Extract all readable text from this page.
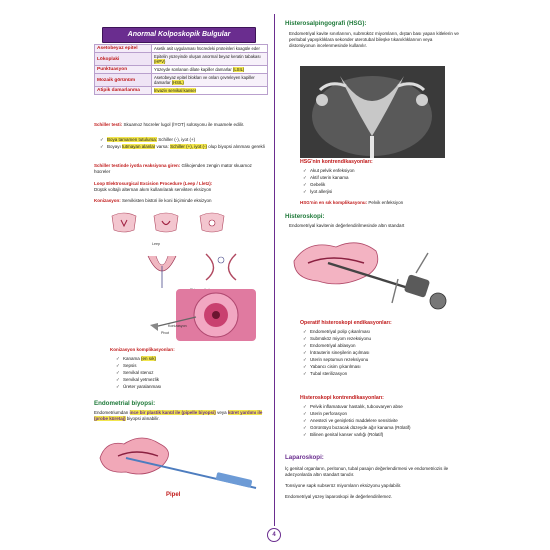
Anormal Kolposkopik Bulgular
Asetobeyaz epitel	Asetik asit uygulaması hücredeki proteinleri koagüle eder
Lökoplaki	Epitelin yüzeyinde oluşan anormal beyaz keratin tabakası (HPV)
Punktuasyon	Yüzeyde sonlanan dilate kapiller damarlar (LSIL)
Mozaik görünüm	Asetobeyaz epitel blokları ve onları çevreleyen kapiller damarlar (HSIL)
Atipik damarlanma	İnvaziv servikal kanser
Schiller testi: Skuamoz hücreler lugol (İYOT) solüsyonu ile muamele edilir.
✓ Boya tamamen tutulursa: Schiller (-), iyot (+)
✓ Boyayı tutmayan alanlar varsa: Schiller (+), iyot (-) olup biyopsi alınması gerekli
Schiller testinde iyotla reaksiyona giren: Glikojenden zengin matür skuamoz hücreler
Loop Elektrosurgical Excision Procedure (Leep / Lletz):
Düşük voltajlı alternan akım kullanılarak servikten eksizyon
Konizasyon: Servikisten bistüri ile koni biçiminde eksizyon
Leep
Konizasyon
Pivot
Konizasyon komplikasyonları:
✓ Kanama (en sık)
✓ Sepsis
✓ Servikal stenoz
✓ Servikal yetmezlik
✓ Üreter yaralanması
Endometrial biyopsi:
Endometriumdan ince bir plastik kanül ile (pipelle biyopsi) veya küret yardımı ile (probe küretaj) biyopsi alınabilir.
Pipel
Histerosalpingografi (HSG):
Endometriyal kavite sınırlarının, submüköz miyomların, dıştan bası yapan kitlelerin ve peritubal yapışıklıklara sekonder uterotubal bileşke tıkanıklıklarının veya distorsiyonun incelenmesinde kullanılır.
HSG'nin kontrendikasyonları:
✓ Akut pelvik enfeksiyon
✓ Aktif uterin kanama
✓ Gebelik
✓ İyot allerjisi
HSG'nin en sık komplikasyonu: Pelvik enfeksiyon
Histeroskopi:
Endometriyal kavitenin değerlendirilmesinde altın standart
Operatif histeroskopi endikasyonları:
✓ Endometriyal polip çıkarılması
✓ Submüköz miyom rezeksiyonu
✓ Endometriyal ablasyon
✓ İntrauterin sineşilerin açılması
✓ Uterin septumun rezeksiyonu
✓ Yabancı cisim çıkarılması
✓ Tubal sterilizasyon
Histeroskopi kontrendikasyonları:
✓ Pelvik inflamatuvar hastalık, tuboovaryen abse
✓ Uterin perforasyon
✓ Anestezi ve genişletici maddelere sensitivite
✓ Görüntüyü bozacak düzeyde ağır kanama (Rölatif)
✓ Bilinen genital kanser varlığı (Rölatif)
Laparoskopi:
İç genital organların, peritonun, tubal pasajın değerlendirmesi ve endometriozis ile adezyonlarda altın standart tanıdır.
Tonsiyone sapk subseröz miyomların eksizyonu yapılabilir.
Endometriyal yüzey laparoskopi ile değerlendirilemez.
4
